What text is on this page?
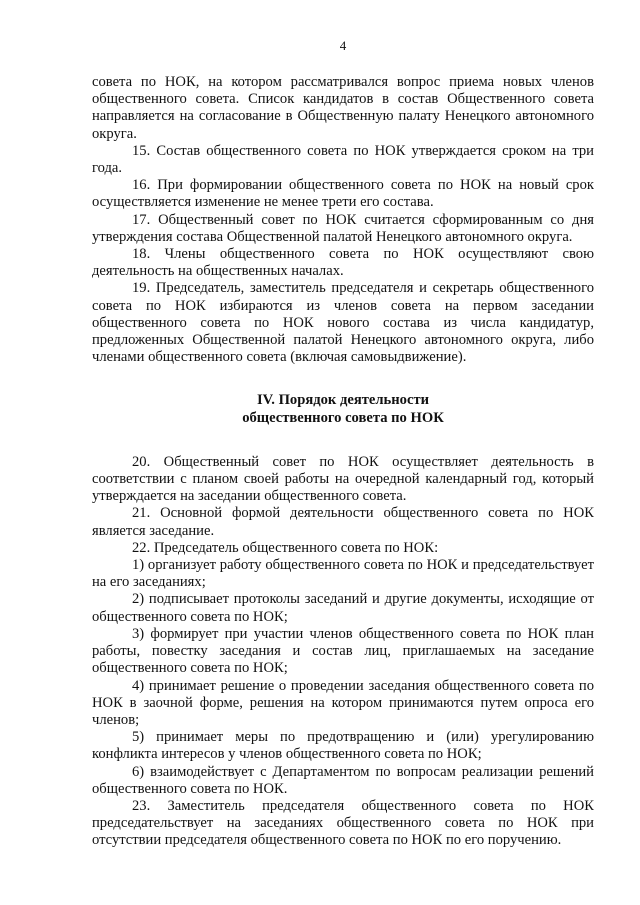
4

совета по НОК, на котором рассматривался вопрос приема новых членов общественного совета. Список кандидатов в состав Общественного совета направляется на согласование в Общественную палату Ненецкого автономного округа.

15. Состав общественного совета по НОК утверждается сроком на три года.

16. При формировании общественного совета по НОК на новый срок осуществляется изменение не менее трети его состава.

17. Общественный совет по НОК считается сформированным со дня утверждения состава Общественной палатой Ненецкого автономного округа.

18. Члены общественного совета по НОК осуществляют свою деятельность на общественных началах.

19. Председатель, заместитель председателя и секретарь общественного совета по НОК избираются из членов совета на первом заседании общественного совета по НОК нового состава из числа кандидатур, предложенных Общественной палатой Ненецкого автономного округа, либо членами общественного совета (включая самовыдвижение).

IV. Порядок деятельности

общественного совета по НОК

20. Общественный совет по НОК осуществляет деятельность в соответствии с планом своей работы на очередной календарный год, который утверждается на заседании общественного совета.

21. Основной формой деятельности общественного совета по НОК является заседание.

22. Председатель общественного совета по НОК:

1) организует работу общественного совета по НОК и председательствует на его заседаниях;

2) подписывает протоколы заседаний и другие документы, исходящие от общественного совета по НОК;

3) формирует при участии членов общественного совета по НОК план работы, повестку заседания и состав лиц, приглашаемых на заседание общественного совета по НОК;

4) принимает решение о проведении заседания общественного совета по НОК в заочной форме, решения на котором принимаются путем опроса его членов;

5) принимает меры по предотвращению и (или) урегулированию конфликта интересов у членов общественного совета по НОК;

6) взаимодействует с Департаментом по вопросам реализации решений общественного совета по НОК.

23. Заместитель председателя общественного совета по НОК председательствует на заседаниях общественного совета по НОК при отсутствии председателя общественного совета по НОК по его поручению.
